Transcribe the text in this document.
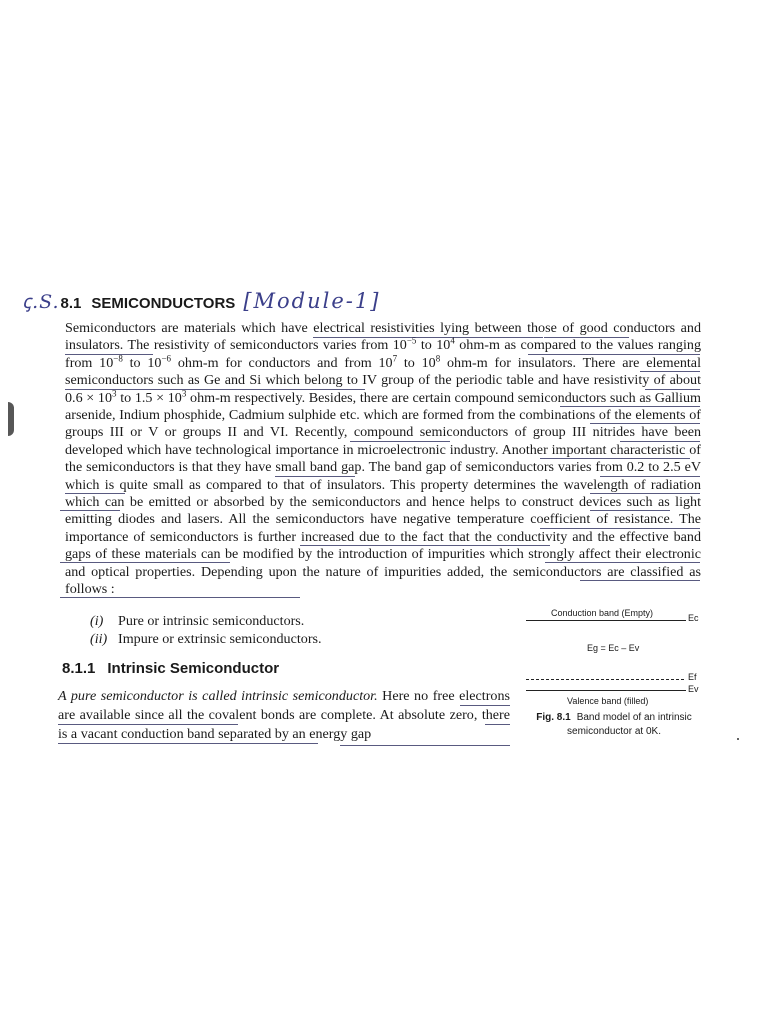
ꞔ.S. 8.1 SEMICONDUCTORS [Module-1]

Semiconductors are materials which have electrical resistivities lying between those of good conductors and insulators. The resistivity of semiconductors varies from $10^{-5}$ to $10^4$ ohm-m as compared to the values ranging from $10^{-8}$ to $10^{-6}$ ohm-m for conductors and from $10^7$ to $10^8$ ohm-m for insulators. There are elemental semiconductors such as Ge and Si which belong to IV group of the periodic table and have resistivity of about $0.6 \times 10^3$ to $1.5 \times 10^3$ ohm-m respectively. Besides, there are certain compound semiconductors such as Gallium arsenide, Indium phosphide, Cadmium sulphide etc. which are formed from the combinations of the elements of groups III or V or groups II and VI. Recently, compound semiconductors of group III nitrides have been developed which have technological importance in microelectronic industry. Another important characteristic of the semiconductors is that they have small band gap. The band gap of semiconductors varies from 0.2 to 2.5 eV which is quite small as compared to that of insulators. This property determines the wavelength of radiation which can be emitted or absorbed by the semiconductors and hence helps to construct devices such as light emitting diodes and lasers. All the semiconductors have negative temperature coefficient of resistance. The importance of semiconductors is further increased due to the fact that the conductivity and the effective band gaps of these materials can be modified by the introduction of impurities which strongly affect their electronic and optical properties. Depending upon the nature of impurities added, the semiconductors are classified as follows :

(i) Pure or intrinsic semiconductors.
(ii) Impure or extrinsic semiconductors.
8.1.1 Intrinsic Semiconductor

A pure semiconductor is called intrinsic semiconductor. Here no free electrons are available since all the covalent bonds are complete. At absolute zero, there is a vacant conduction band separated by an energy gap

Conduction band (Empty)	Ec
Eg = Ec – Ev
Ef
Ev
Valence band (filled)
Fig. 8.1 Band model of an intrinsic semiconductor at 0K.
